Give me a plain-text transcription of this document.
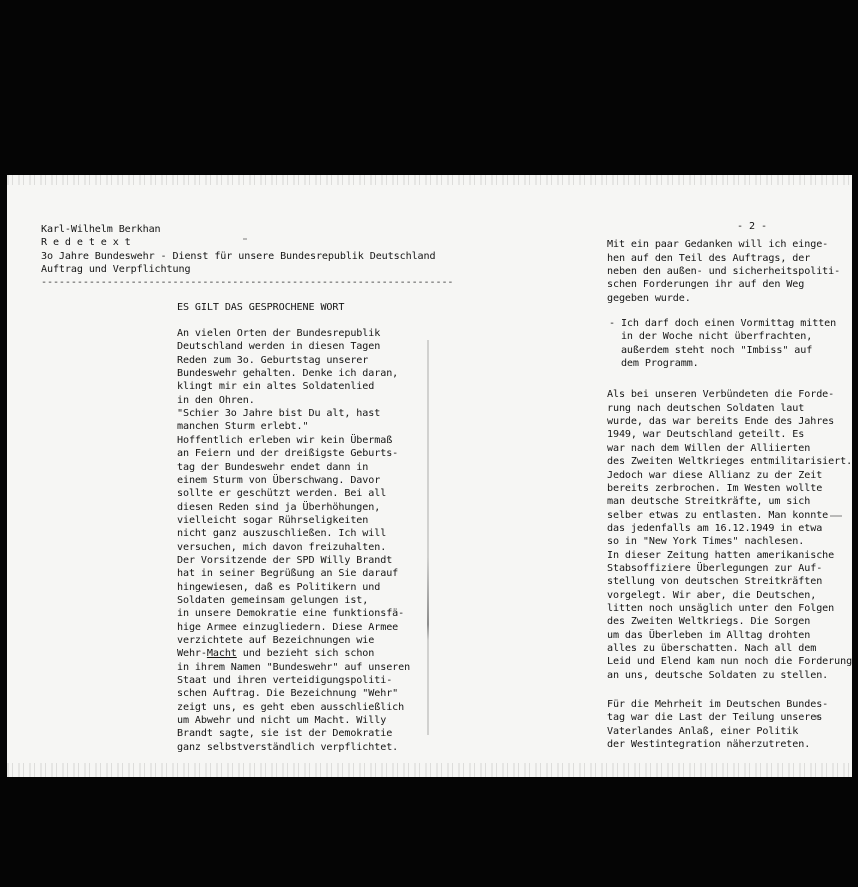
Karl-Wilhelm Berkhan
R e d e t e x t
3o Jahre Bundeswehr - Dienst für unsere Bundesrepublik Deutschland
Auftrag und Verpflichtung
---------------------------------------------------------------------
ES GILT DAS GESPROCHENE WORT
An vielen Orten der Bundesrepublik
Deutschland werden in diesen Tagen
Reden zum 3o. Geburtstag unserer
Bundeswehr gehalten. Denke ich daran,
klingt mir ein altes Soldatenlied
in den Ohren.
"Schier 3o Jahre bist Du alt, hast
manchen Sturm erlebt."
Hoffentlich erleben wir kein Übermaß
an Feiern und der dreißigste Geburts-
tag der Bundeswehr endet dann in
einem Sturm von Überschwang. Davor
sollte er geschützt werden. Bei all
diesen Reden sind ja Überhöhungen,
vielleicht sogar Rührseligkeiten
nicht ganz auszuschließen. Ich will
versuchen, mich davon freizuhalten.
Der Vorsitzende der SPD Willy Brandt
hat in seiner Begrüßung an Sie darauf
hingewiesen, daß es Politikern und
Soldaten gemeinsam gelungen ist,
in unsere Demokratie eine funktionsfä-
hige Armee einzugliedern. Diese Armee
verzichtete auf Bezeichnungen wie
Wehr-Macht und bezieht sich schon
in ihrem Namen "Bundeswehr" auf unseren
Staat und ihren verteidigungspoliti-
schen Auftrag. Die Bezeichnung "Wehr"
zeigt uns, es geht eben ausschließlich
um Abwehr und nicht um Macht. Willy
Brandt sagte, sie ist der Demokratie
ganz selbstverständlich verpflichtet.
- 2 -
Mit ein paar Gedanken will ich einge-
hen auf den Teil des Auftrags, der
neben den außen- und sicherheitspoliti-
schen Forderungen ihr auf den Weg
gegeben wurde.
- Ich darf doch einen Vormittag mitten
in der Woche nicht überfrachten,
außerdem steht noch "Imbiss" auf
dem Programm.
Als bei unseren Verbündeten die Forde-
rung nach deutschen Soldaten laut
wurde, das war bereits Ende des Jahres
1949, war Deutschland geteilt. Es
war nach dem Willen der Alliierten
des Zweiten Weltkrieges entmilitarisiert.
Jedoch war diese Allianz zu der Zeit
bereits zerbrochen. Im Westen wollte
man deutsche Streitkräfte, um sich
selber etwas zu entlasten. Man konnte
das jedenfalls am 16.12.1949 in etwa
so in "New York Times" nachlesen.
In dieser Zeitung hatten amerikanische
Stabsoffiziere Überlegungen zur Auf-
stellung von deutschen Streitkräften
vorgelegt. Wir aber, die Deutschen,
litten noch unsäglich unter den Folgen
des Zweiten Weltkriegs. Die Sorgen
um das Überleben im Alltag drohten
alles zu überschatten. Nach all dem
Leid und Elend kam nun noch die Forderung
an uns, deutsche Soldaten zu stellen.
Für die Mehrheit im Deutschen Bundes-
tag war die Last der Teilung unseres
Vaterlandes Anlaß, einer Politik
der Westintegration näherzutreten.
